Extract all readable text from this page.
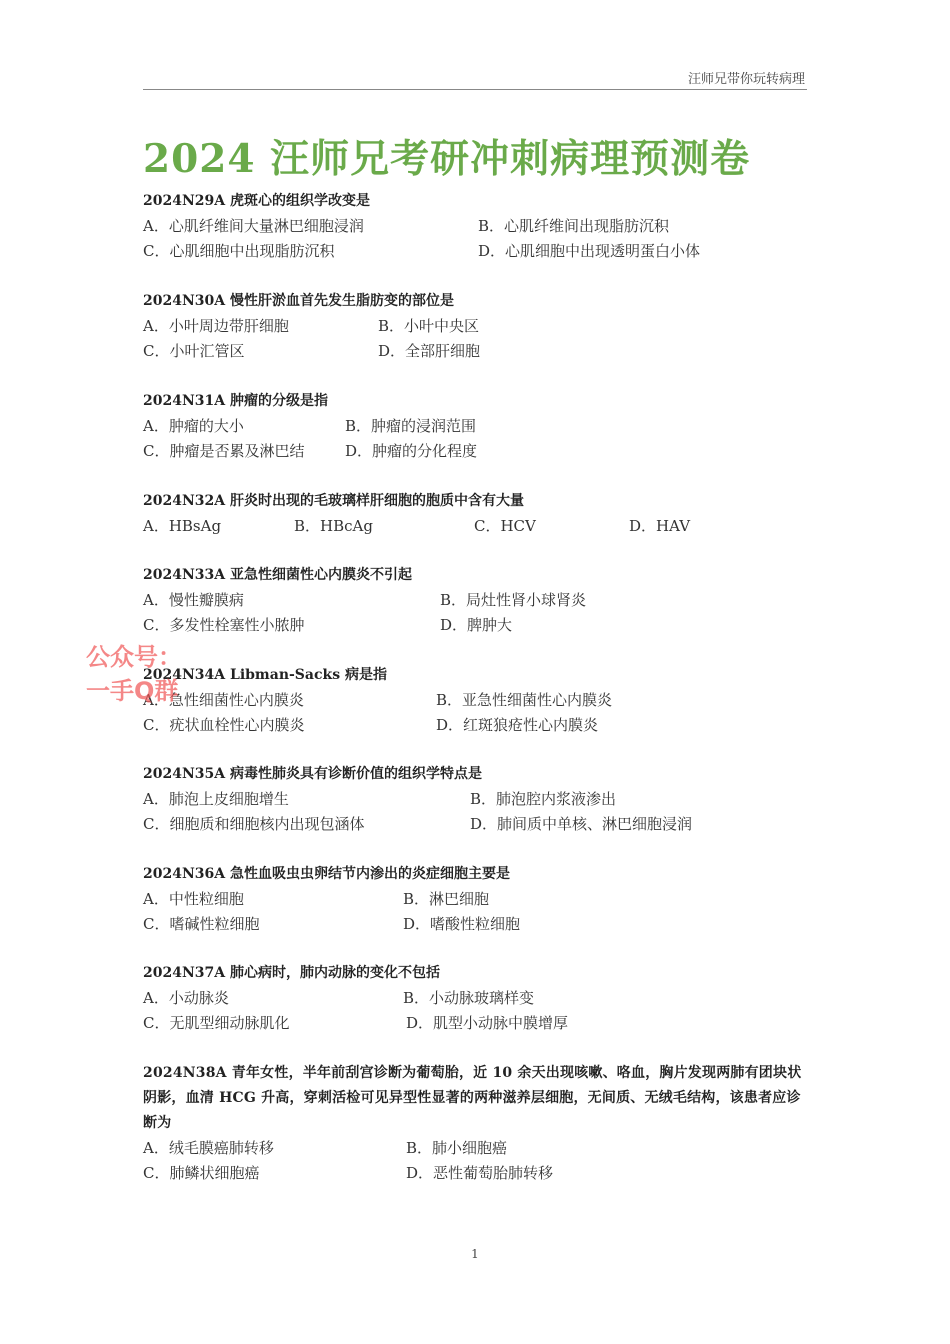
汪师兄带你玩转病理
2024 汪师兄考研冲刺病理预测卷
2024N29A 虎斑心的组织学改变是
A．心肌纤维间大量淋巴细胞浸润	B．心肌纤维间出现脂肪沉积
C．心肌细胞中出现脂肪沉积	D．心肌细胞中出现透明蛋白小体
2024N30A 慢性肝淤血首先发生脂肪变的部位是
A．小叶周边带肝细胞	B．小叶中央区
C．小叶汇管区	D．全部肝细胞
2024N31A 肿瘤的分级是指
A．肿瘤的大小	B．肿瘤的浸润范围
C．肿瘤是否累及淋巴结	D．肿瘤的分化程度
2024N32A 肝炎时出现的毛玻璃样肝细胞的胞质中含有大量
A．HBsAg	B．HBcAg	C．HCV	D．HAV
2024N33A 亚急性细菌性心内膜炎不引起
A．慢性瓣膜病	B．局灶性肾小球肾炎
C．多发性栓塞性小脓肿	D．脾肿大
2024N34A Libman-Sacks 病是指
A．急性细菌性心内膜炎	B．亚急性细菌性心内膜炎
C．疣状血栓性心内膜炎	D．红斑狼疮性心内膜炎
2024N35A 病毒性肺炎具有诊断价值的组织学特点是
A．肺泡上皮细胞增生	B．肺泡腔内浆液渗出
C．细胞质和细胞核内出现包涵体	D．肺间质中单核、淋巴细胞浸润
2024N36A 急性血吸虫虫卵结节内渗出的炎症细胞主要是
A．中性粒细胞	B．淋巴细胞
C．嗜碱性粒细胞	D．嗜酸性粒细胞
2024N37A 肺心病时，肺内动脉的变化不包括
A．小动脉炎	B．小动脉玻璃样变
C．无肌型细动脉肌化	D．肌型小动脉中膜增厚
2024N38A 青年女性，半年前刮宫诊断为葡萄胎，近 10 余天出现咳嗽、咯血，胸片发现两肺有团块状阴影，血清 HCG 升高，穿刺活检可见异型性显著的两种滋养层细胞，无间质、无绒毛结构，该患者应诊断为
A．绒毛膜癌肺转移	B．肺小细胞癌
C．肺鳞状细胞癌	D．恶性葡萄胎肺转移
公众号：
一手Q群
1
